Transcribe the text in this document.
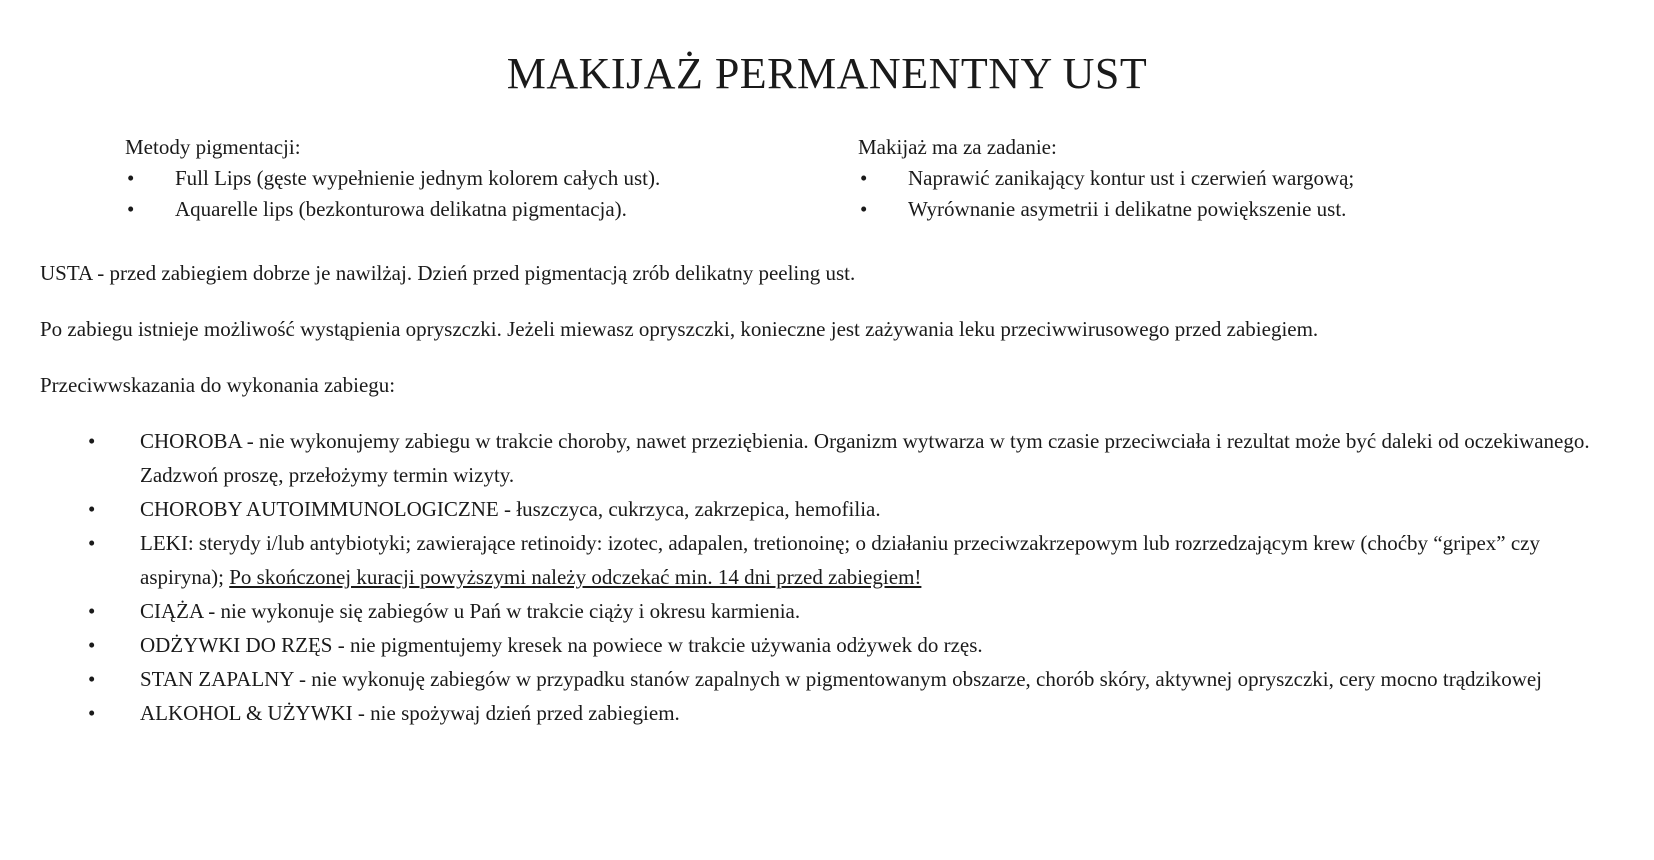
MAKIJAŻ PERMANENTNY UST

Metody pigmentacji:

• Full Lips (gęste wypełnienie jednym kolorem całych ust).
• Aquarelle lips (bezkonturowa delikatna pigmentacja).

Makijaż ma za zadanie:

• Naprawić zanikający kontur ust i czerwień wargową;
• Wyrównanie asymetrii i delikatne powiększenie ust.

USTA - przed zabiegiem dobrze je nawilżaj. Dzień przed pigmentacją zrób delikatny peeling ust.

Po zabiegu istnieje możliwość wystąpienia opryszczki. Jeżeli miewasz opryszczki, konieczne jest zażywania leku przeciwwirusowego przed zabiegiem.

Przeciwwskazania do wykonania zabiegu:

• CHOROBA - nie wykonujemy zabiegu w trakcie choroby, nawet przeziębienia. Organizm wytwarza w tym czasie przeciwciała i rezultat może być daleki od oczekiwanego. Zadzwoń proszę, przełożymy termin wizyty.
• CHOROBY AUTOIMMUNOLOGICZNE - łuszczyca, cukrzyca, zakrzepica, hemofilia.
• LEKI: sterydy i/lub antybiotyki; zawierające retinoidy: izotec, adapalen, tretionoinę; o działaniu przeciwzakrzepowym lub rozrzedzającym krew (choćby “gripex” czy aspiryna); Po skończonej kuracji powyższymi należy odczekać min. 14 dni przed zabiegiem!
• CIĄŻA - nie wykonuje się zabiegów u Pań w trakcie ciąży i okresu karmienia.
• ODŻYWKI DO RZĘS - nie pigmentujemy kresek na powiece w trakcie używania odżywek do rzęs.
• STAN ZAPALNY - nie wykonuję zabiegów w przypadku stanów zapalnych w pigmentowanym obszarze, chorób skóry, aktywnej opryszczki, cery mocno trądzikowej
• ALKOHOL & UŻYWKI - nie spożywaj dzień przed zabiegiem.
